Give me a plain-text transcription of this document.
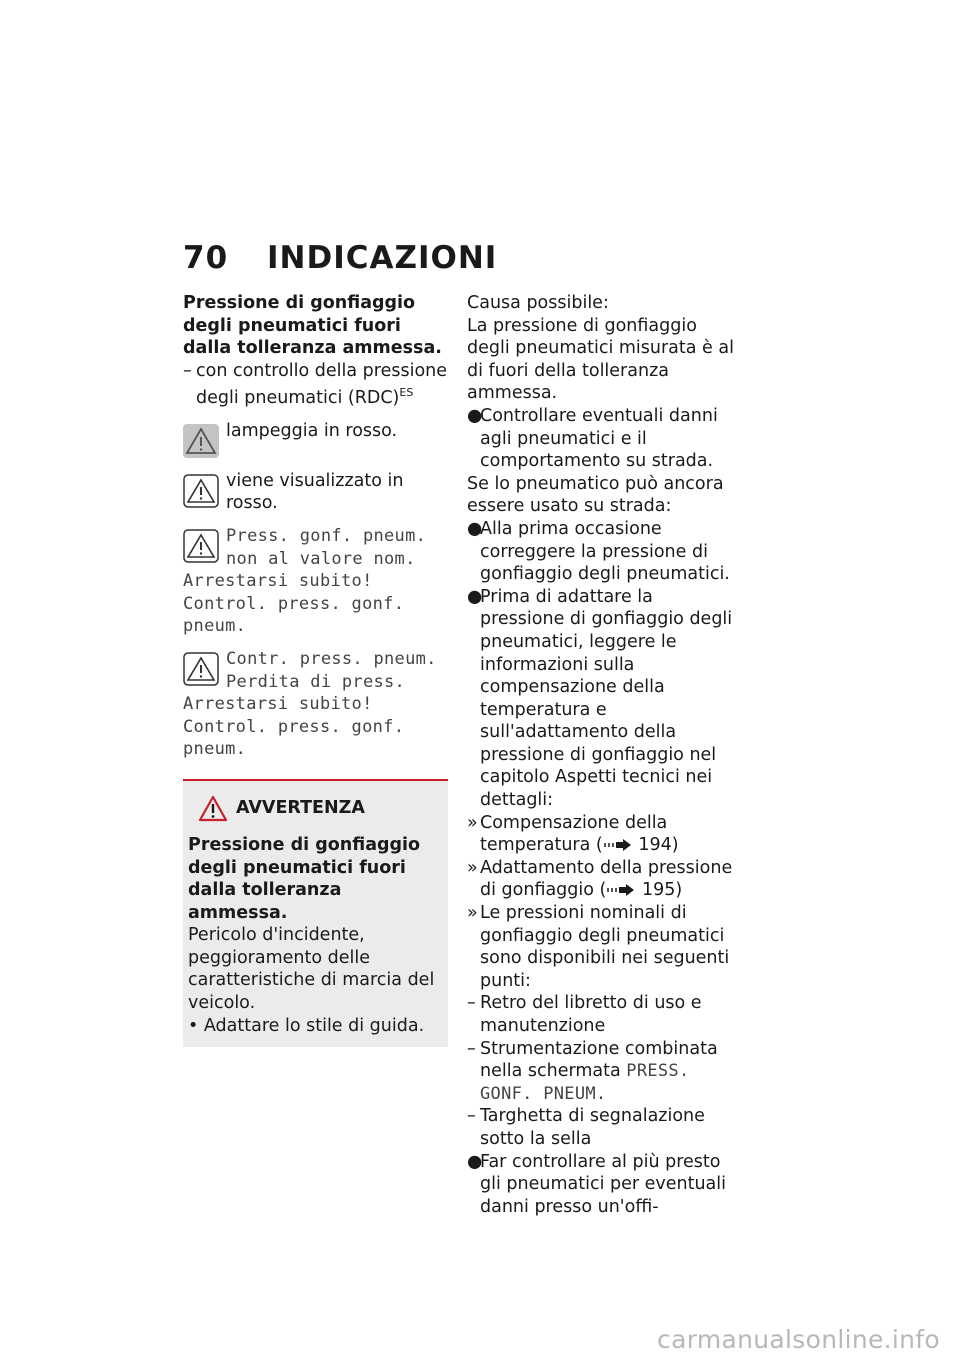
70 INDICAZIONI
Pressione di gonfiaggio degli pneumatici fuori dalla tolleranza ammessa.
– con controllo della pressione degli pneumatici (RDC)$^{ES}$
lampeggia in rosso.
viene visualizzato in rosso.
Press. gonf. pneum. non al valore nom. Arrestarsi subito! Control. press. gonf. pneum.
Contr. press. pneum. Perdita di press. Arrestarsi subito! Control. press. gonf. pneum.
AVVERTENZA
Pressione di gonfiaggio degli pneumatici fuori dalla tolleranza ammessa.
Pericolo d'incidente, peggioramento delle caratteristiche di marcia del veicolo.
• Adattare lo stile di guida.
Causa possibile:
La pressione di gonfiaggio degli pneumatici misurata è al di fuori della tolleranza ammessa.
●
Controllare eventuali danni agli pneumatici e il comportamento su strada.
Se lo pneumatico può ancora essere usato su strada:
●
Alla prima occasione correggere la pressione di gonfiaggio degli pneumatici.
●
Prima di adattare la pressione di gonfiaggio degli pneumatici, leggere le informazioni sulla compensazione della temperatura e sull'adattamento della pressione di gonfiaggio nel capitolo Aspetti tecnici nei dettagli:
» Compensazione della temperatura ( 194)
» Adattamento della pressione di gonfiaggio ( 195)
» Le pressioni nominali di gonfiaggio degli pneumatici sono disponibili nei seguenti punti:
– Retro del libretto di uso e manutenzione
– Strumentazione combinata nella schermata PRESS. GONF. PNEUM.
– Targhetta di segnalazione sotto la sella
●
Far controllare al più presto gli pneumatici per eventuali danni presso un'offi-
carmanualsonline.info
